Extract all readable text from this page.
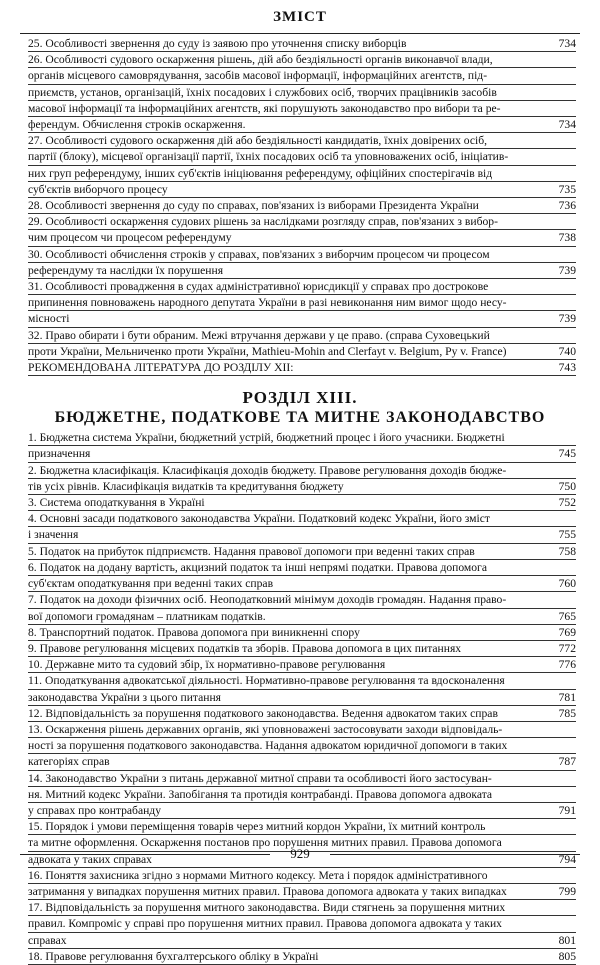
ЗМІСТ
25. Особливості звернення до суду із заявою про уточнення списку виборців	734
26. Особливості судового оскарження рішень, дій або бездіяльності органів виконавчої влади,
органів місцевого самоврядування, засобів масової інформації, інформаційних агентств, під-
приємств, установ, організацій, їхніх посадових і службових осіб, творчих працівників засобів
масової інформації та інформаційних агентств, які порушують законодавство про вибори та ре-
ферендум. Обчислення строків оскарження.	734
27. Особливості судового оскарження дій або бездіяльності кандидатів, їхніх довірених осіб,
партії (блоку), місцевої організації партії, їхніх посадових осіб та уповноважених осіб, ініціатив-
них груп референдуму, інших суб'єктів ініціювання референдуму, офіційних спостерігачів від
суб'єктів виборчого процесу	735
28. Особливості звернення до суду по справах, пов'язаних із виборами Президента України	736
29. Особливості оскарження судових рішень за наслідками розгляду справ, пов'язаних з вибор-
чим процесом чи процесом референдуму	738
30. Особливості обчислення строків у справах, пов'язаних з виборчим процесом чи процесом
референдуму та наслідки їх порушення	739
31. Особливості провадження в судах адміністративної юрисдикції у справах про дострокове
припинення повноважень народного депутата України в разі невиконання ним вимог щодо несу-
місності	739
32. Право обирати і бути обраним. Межі втручання держави у це право. (справа Суховецький
проти України, Мельниченко проти України, Mathieu-Mohin and Clerfayt v. Belgium, Py v. France)	740
РЕКОМЕНДОВАНА ЛІТЕРАТУРА ДО РОЗДІЛУ XII:	743
РОЗДІЛ XIII.
БЮДЖЕТНЕ, ПОДАТКОВЕ ТА МИТНЕ ЗАКОНОДАВСТВО
1. Бюджетна система України, бюджетний устрій, бюджетний процес і його учасники. Бюджетні
призначення	745
2. Бюджетна класифікація. Класифікація доходів бюджету. Правове регулювання доходів бюдже-
тів усіх рівнів. Класифікація видатків та кредитування бюджету	750
3. Система оподаткування в Україні	752
4. Основні засади податкового законодавства України. Податковий кодекс України, його зміст
і значення	755
5. Податок на прибуток підприємств. Надання правової допомоги при веденні таких справ	758
6. Податок на додану вартість, акцизний податок та інші непрямі податки. Правова допомога
суб'єктам оподаткування при веденні таких справ	760
7. Податок на доходи фізичних осіб. Неоподатковний мінімум доходів громадян. Надання право-
вої допомоги громадянам – платникам податків.	765
8. Транспортний податок. Правова допомога при виникненні спору	769
9. Правове регулювання місцевих податків та зборів. Правова допомога в цих питаннях	772
10. Державне мито та судовий збір, їх нормативно-правове регулювання	776
11. Оподаткування адвокатської діяльності. Нормативно-правове регулювання та вдосконалення
законодавства України з цього питання	781
12. Відповідальність за порушення податкового законодавства. Ведення адвокатом таких справ	785
13. Оскарження рішень державних органів, які уповноважені застосовувати заходи відповідаль-
ності за порушення податкового законодавства. Надання адвокатом юридичної допомоги в таких
категоріях справ	787
14. Законодавство України з питань державної митної справи та особливості його застосуван-
ня. Митний кодекс України. Запобігання та протидія контрабанді. Правова допомога адвоката
у справах про контрабанду	791
15. Порядок і умови переміщення товарів через митний кордон України, їх митний контроль
та митне оформлення. Оскарження постанов про порушення митних правил. Правова допомога
адвоката у таких справах	794
16. Поняття захисника згідно з нормами Митного кодексу. Мета і порядок адміністративного
затримання у випадках порушення митних правил. Правова допомога адвоката у таких випадках	799
17. Відповідальність за порушення митного законодавства. Види стягнень за порушення митних
правил. Компроміс у справі про порушення митних правил. Правова допомога адвоката у таких
справах	801
18. Правове регулювання бухгалтерського обліку в Україні	805
929
